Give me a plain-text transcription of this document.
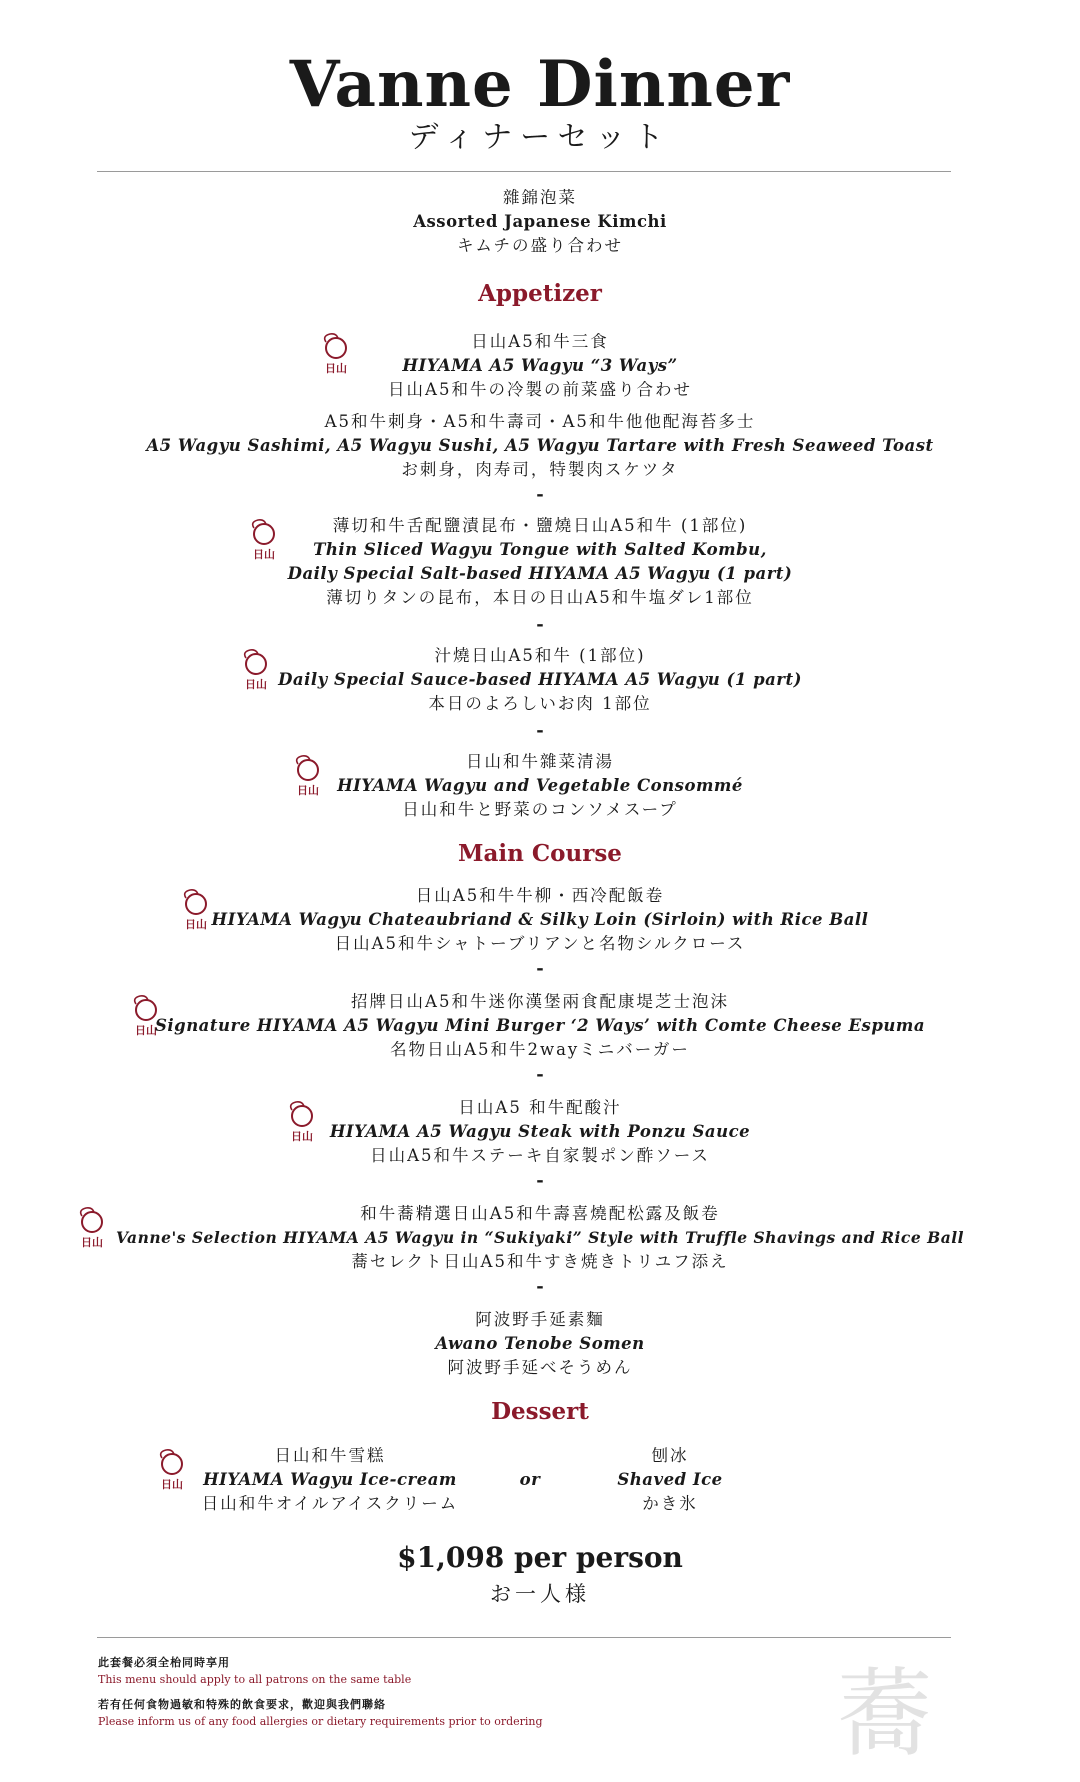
Vanne Dinner
ディナーセット
雜錦泡菜
Assorted Japanese Kimchi
キムチの盛り合わせ
Appetizer
日山
日山A5和牛三食
HIYAMA A5 Wagyu “3 Ways”
日山A5和牛の冷製の前菜盛り合わせ
A5和牛刺身・A5和牛壽司・A5和牛他他配海苔多士
A5 Wagyu Sashimi, A5 Wagyu Sushi, A5 Wagyu Tartare with Fresh Seaweed Toast
お刺身，肉寿司，特製肉スケツタ
-
日山
薄切和牛舌配鹽漬昆布・鹽燒日山A5和牛 (1部位)
Thin Sliced Wagyu Tongue with Salted Kombu,
Daily Special Salt-based HIYAMA A5 Wagyu (1 part)
薄切りタンの昆布，本日の日山A5和牛塩ダレ1部位
-
日山
汁燒日山A5和牛 (1部位)
Daily Special Sauce-based HIYAMA A5 Wagyu (1 part)
本日のよろしいお肉 1部位
-
日山
日山和牛雜菜清湯
HIYAMA Wagyu and Vegetable Consommé
日山和牛と野菜のコンソメスープ
Main Course
日山
日山A5和牛牛柳・西冷配飯卷
HIYAMA Wagyu Chateaubriand & Silky Loin (Sirloin) with Rice Ball
日山A5和牛シャトーブリアンと名物シルクロース
-
日山
招牌日山A5和牛迷你漢堡兩食配康堤芝士泡沫
Signature HIYAMA A5 Wagyu Mini Burger ‘2 Ways’ with Comte Cheese Espuma
名物日山A5和牛2wayミニバーガー
-
日山
日山A5 和牛配酸汁
HIYAMA A5 Wagyu Steak with Ponzu Sauce
日山A5和牛ステーキ自家製ポン酢ソース
-
日山
和牛蕎精選日山A5和牛壽喜燒配松露及飯卷
Vanne's Selection HIYAMA A5 Wagyu in “Sukiyaki” Style with Truffle Shavings and Rice Ball
蕎セレクト日山A5和牛すき焼きトリユフ添え
-
阿波野手延素麵
Awano Tenobe Somen
阿波野手延べそうめん
Dessert
日山
日山和牛雪糕
HIYAMA Wagyu Ice-cream
日山和牛オイルアイスクリーム
or
刨冰
Shaved Ice
かき氷
$1,098 per person
お一人様
此套餐必須全枱同時享用
This menu should apply to all patrons on the same table
若有任何食物過敏和特殊的飲食要求，歡迎與我們聯絡
Please inform us of any food allergies or dietary requirements prior to ordering	蕎
